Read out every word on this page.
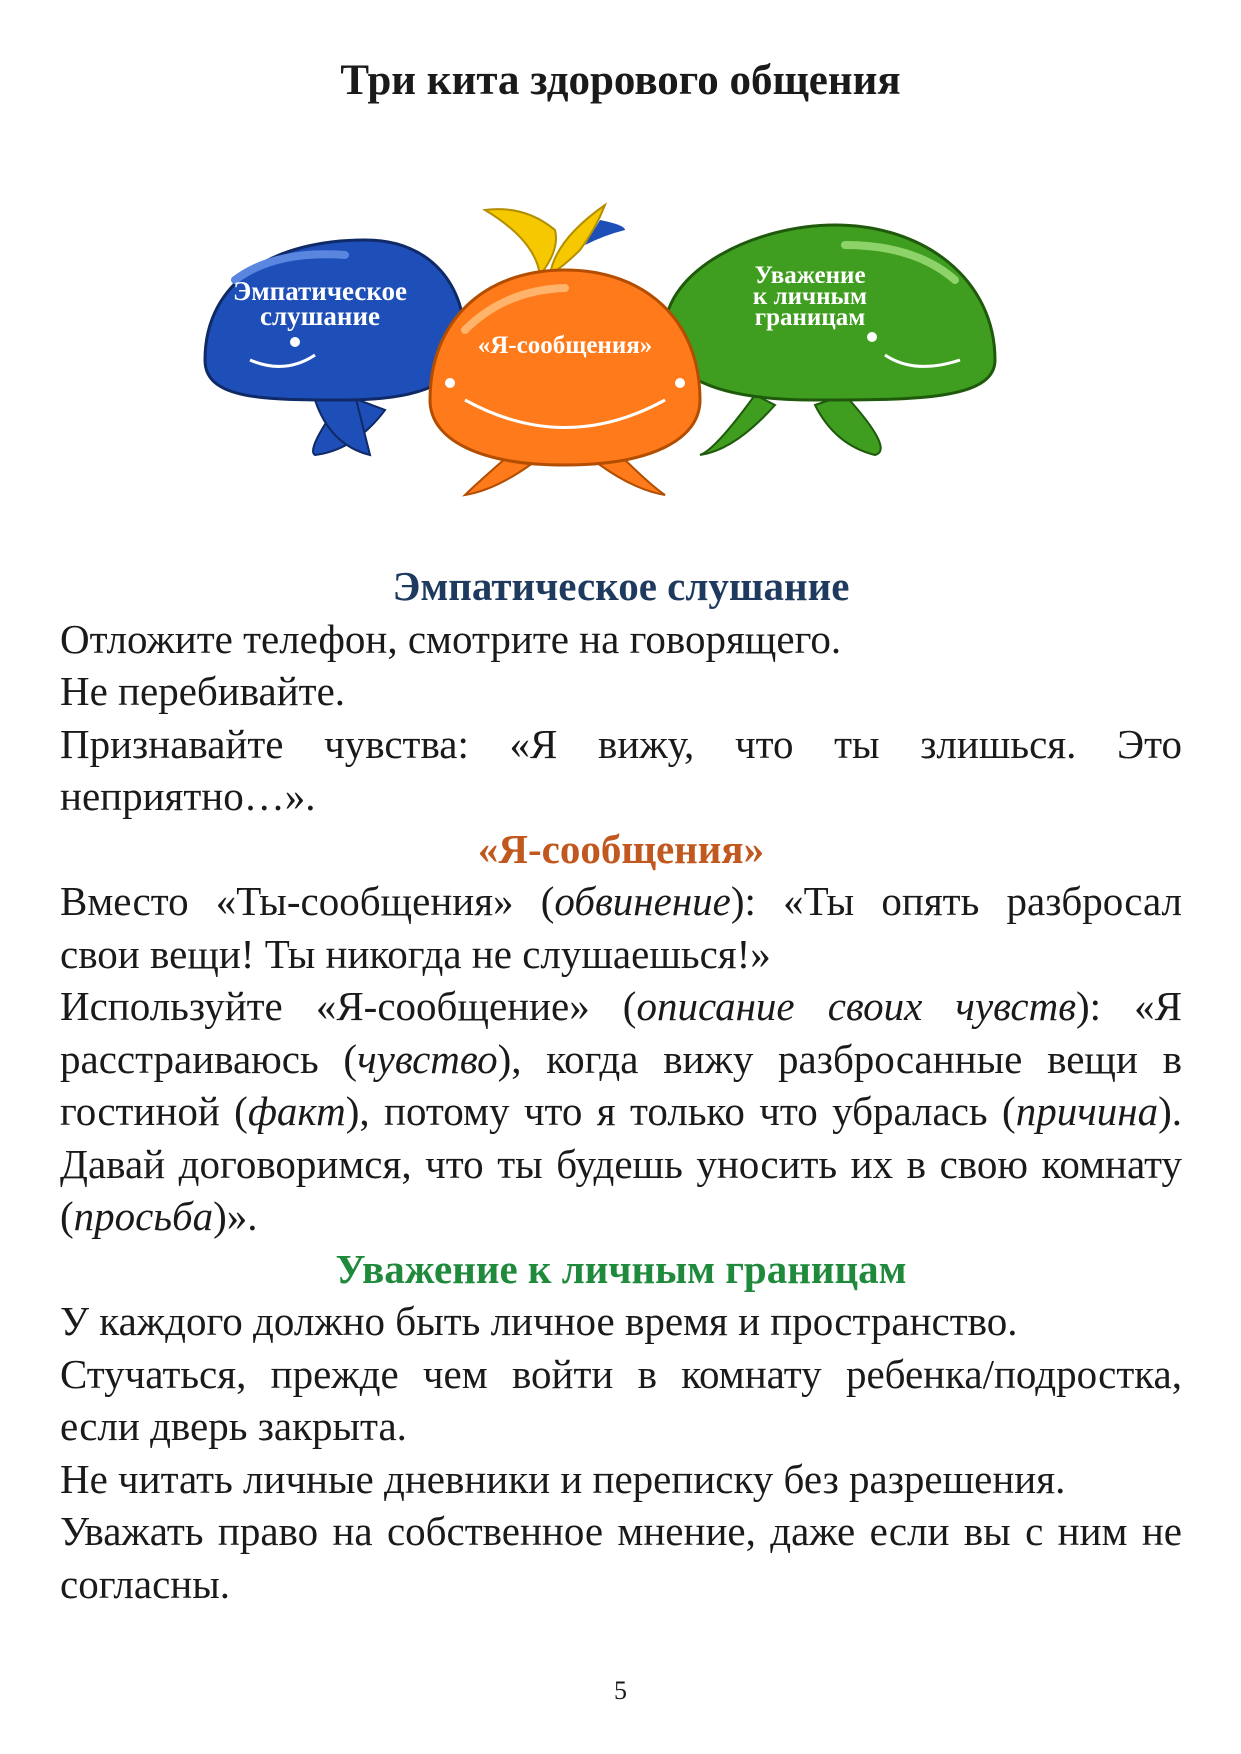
Три кита здорового общения
Эмпатическое
слушание
Уважение
к личным
границам
«Я-сообщения»
Эмпатическое слушание

Отложите телефон, смотрите на говорящего.

Не перебивайте.

Признавайте чувства: «Я вижу, что ты злишься. Это неприятно…».

«Я-сообщения»

Вместо «Ты-сообщения» (обвинение): «Ты опять разбросал свои вещи! Ты никогда не слушаешься!»

Используйте «Я-сообщение» (описание своих чувств): «Я расстраиваюсь (чувство), когда вижу разбросанные вещи в гостиной (факт), потому что я только что убралась (причина). Давай договоримся, что ты будешь уносить их в свою комнату (просьба)».

Уважение к личным границам

У каждого должно быть личное время и пространство.

Стучаться, прежде чем войти в комнату ребенка/подростка, если дверь закрыта.

Не читать личные дневники и переписку без разрешения.

Уважать право на собственное мнение, даже если вы с ним не согласны.

5
